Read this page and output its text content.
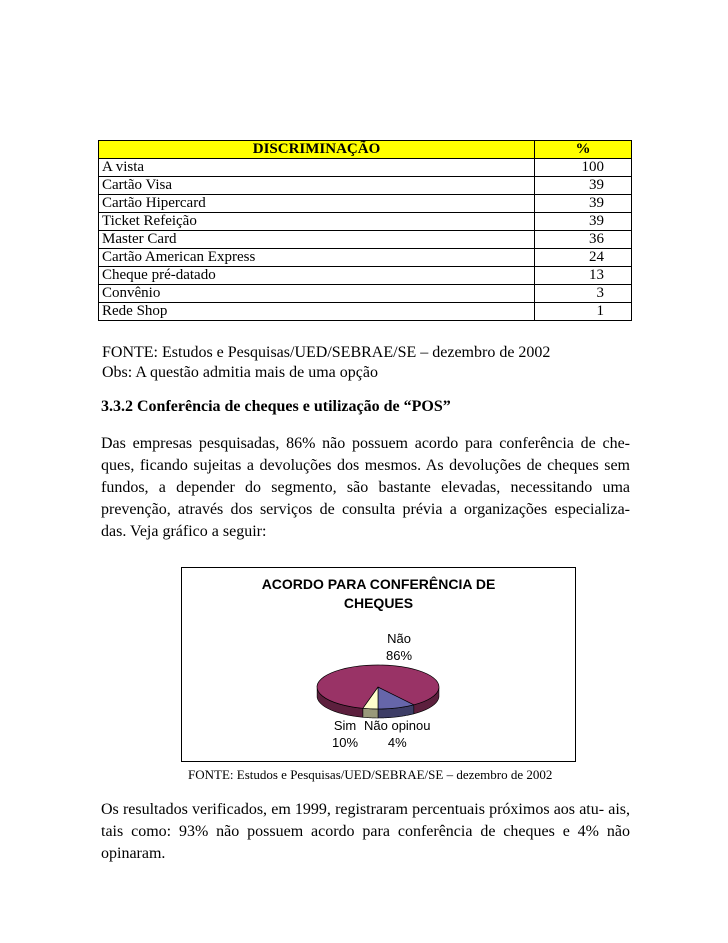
DISCRIMINAÇÃO	%
A vista	100
Cartão Visa	39
Cartão Hipercard	39
Ticket Refeição	39
Master Card	36
Cartão American Express	24
Cheque pré-datado	13
Convênio	3
Rede Shop	1

FONTE: Estudos e Pesquisas/UED/SEBRAE/SE – dezembro de 2002

Obs: A questão admitia mais de uma opção

3.3.2 Conferência de cheques e utilização de “POS”

Das empresas pesquisadas, 86% não possuem acordo para conferência de che- ques, ficando sujeitas a devoluções dos mesmos. As devoluções de cheques sem fundos, a depender do segmento, são bastante elevadas, necessitando uma prevenção, através dos serviços de consulta prévia a organizações especializa- das. Veja gráfico a seguir:

ACORDO PARA CONFERÊNCIA DE
CHEQUES

Não
86%

Sim
10%

Não opinou
4%

FONTE: Estudos e Pesquisas/UED/SEBRAE/SE – dezembro de 2002

Os resultados verificados, em 1999, registraram percentuais próximos aos atu- ais, tais como: 93% não possuem acordo para conferência de cheques e 4% não opinaram.
